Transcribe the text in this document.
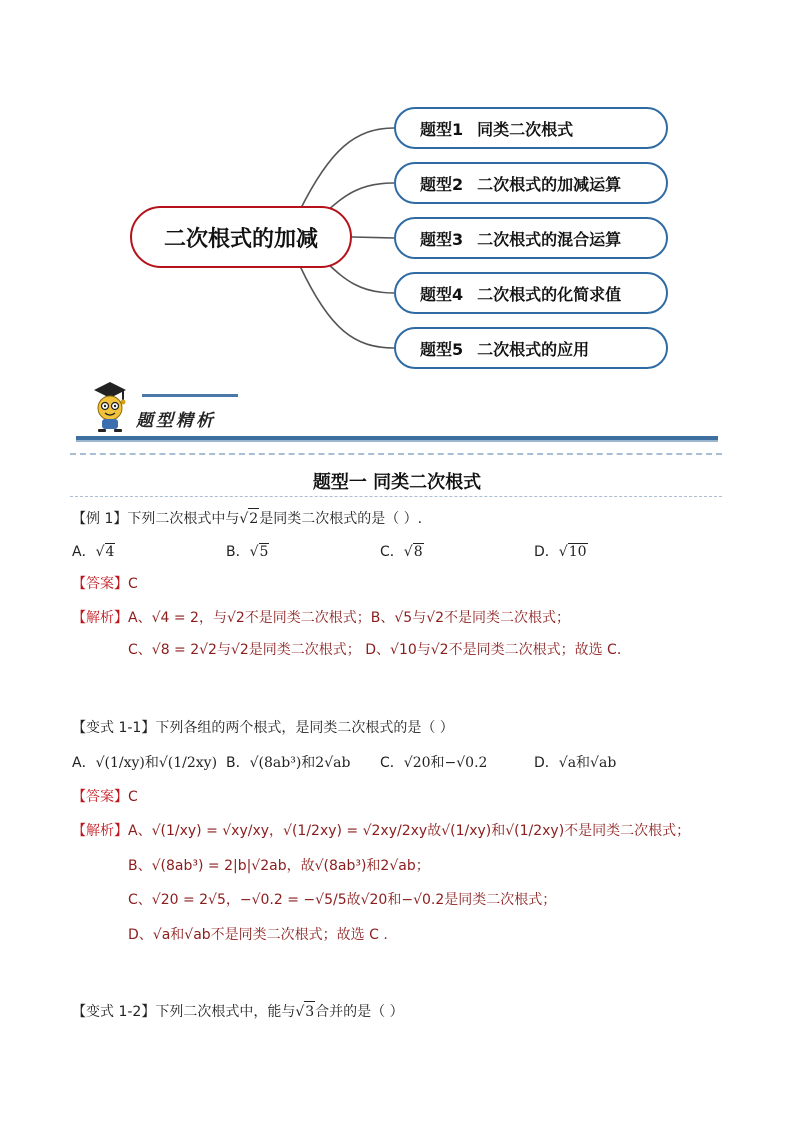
二次根式的加减
题型1 同类二次根式
题型2 二次根式的加减运算
题型3 二次根式的混合运算
题型4 二次根式的化简求值
题型5 二次根式的应用
题型精析
题型一 同类二次根式
【例 1】下列二次根式中与√2是同类二次根式的是（ ）.
A．√4	B．√5	C．√8	D．√10
【答案】C
【解析】A、√4 = 2，与√2不是同类二次根式；B、√5与√2不是同类二次根式；
C、√8 = 2√2与√2是同类二次根式； D、√10与√2不是同类二次根式；故选 C.
【变式 1-1】下列各组的两个根式，是同类二次根式的是（ ）
A．√(1/xy)和√(1/2xy) B．√(8ab³)和2√ab C．√20和−√0.2	D．√a和√ab
【答案】C
【解析】A、√(1/xy) = √xy/xy，√(1/2xy) = √2xy/2xy故√(1/xy)和√(1/2xy)不是同类二次根式；
B、√(8ab³) = 2|b|√2ab，故√(8ab³)和2√ab；
C、√20 = 2√5，−√0.2 = −√5/5故√20和−√0.2是同类二次根式；
D、√a和√ab不是同类二次根式；故选 C .
【变式 1-2】下列二次根式中，能与√3合并的是（ ）
